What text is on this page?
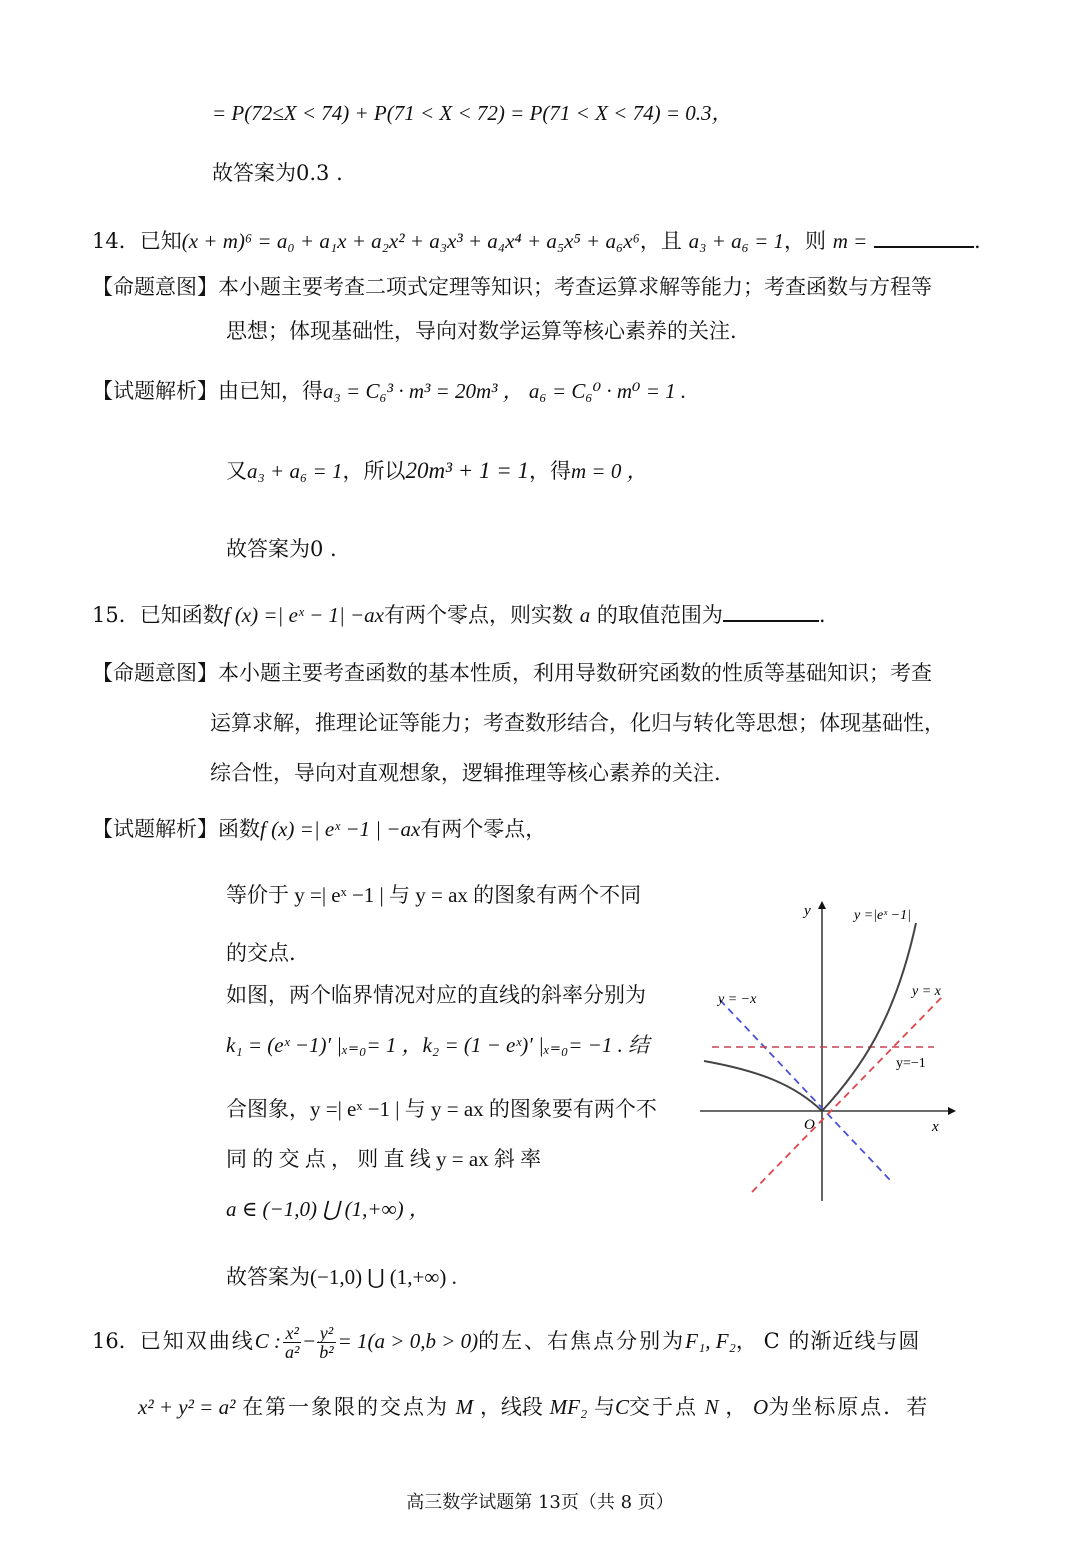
= P(72≤X < 74) + P(71 < X < 72) = P(71 < X < 74) = 0.3，
故答案为0.3 .
14．已知(x + m)⁶ = a₀ + a₁x + a₂x² + a₃x³ + a₄x⁴ + a₅x⁵ + a₆x⁶，且 a₃ + a₆ = 1，则 m =	.
【命题意图】本小题主要考查二项式定理等知识；考查运算求解等能力；考查函数与方程等
思想；体现基础性，导向对数学运算等核心素养的关注.
【试题解析】由已知，得a₃ = C₆³ · m³ = 20m³ ， a₆ = C₆⁰ · m⁰ = 1 .
又a₃ + a₆ = 1，所以20m³ + 1 = 1，得m = 0 ，
故答案为0 .
15．已知函数f (x) =| eˣ − 1| −ax有两个零点，则实数 a 的取值范围为	.
【命题意图】本小题主要考查函数的基本性质，利用导数研究函数的性质等基础知识；考查
运算求解，推理论证等能力；考查数形结合，化归与转化等思想；体现基础性，
综合性，导向对直观想象，逻辑推理等核心素养的关注.
【试题解析】函数f (x) =| eˣ −1 | −ax有两个零点，
等价于 y =| eˣ −1 | 与 y = ax 的图象有两个不同
的交点.
如图，两个临界情况对应的直线的斜率分别为
k₁ = (eˣ −1)′ |ₓ₌₀= 1 ，k₂ = (1 − eˣ)′ |ₓ₌₀= −1 . 结
合图象，y =| eˣ −1 | 与 y = ax 的图象要有两个不
同 的 交 点 ， 则 直 线 y = ax 斜 率
a ∈ (−1,0) ⋃ (1,+∞) ，
故答案为(−1,0) ⋃ (1,+∞) .
y
x
O
y =|eˣ −1|
y = −x
y = x
y=−1
16．已知双曲线C : $\frac{\text{x²}}{\text{a²}} - \frac{\text{y²}}{\text{b²}} = 1(a > 0,b > 0)$的左、右焦点分别为F₁, F₂， C 的渐近线与圆
x² + y² = a² 在第一象限的交点为 M ，线段 MF₂ 与C交于点 N ， O为坐标原点．若
高三数学试题第 13页（共 8 页）
